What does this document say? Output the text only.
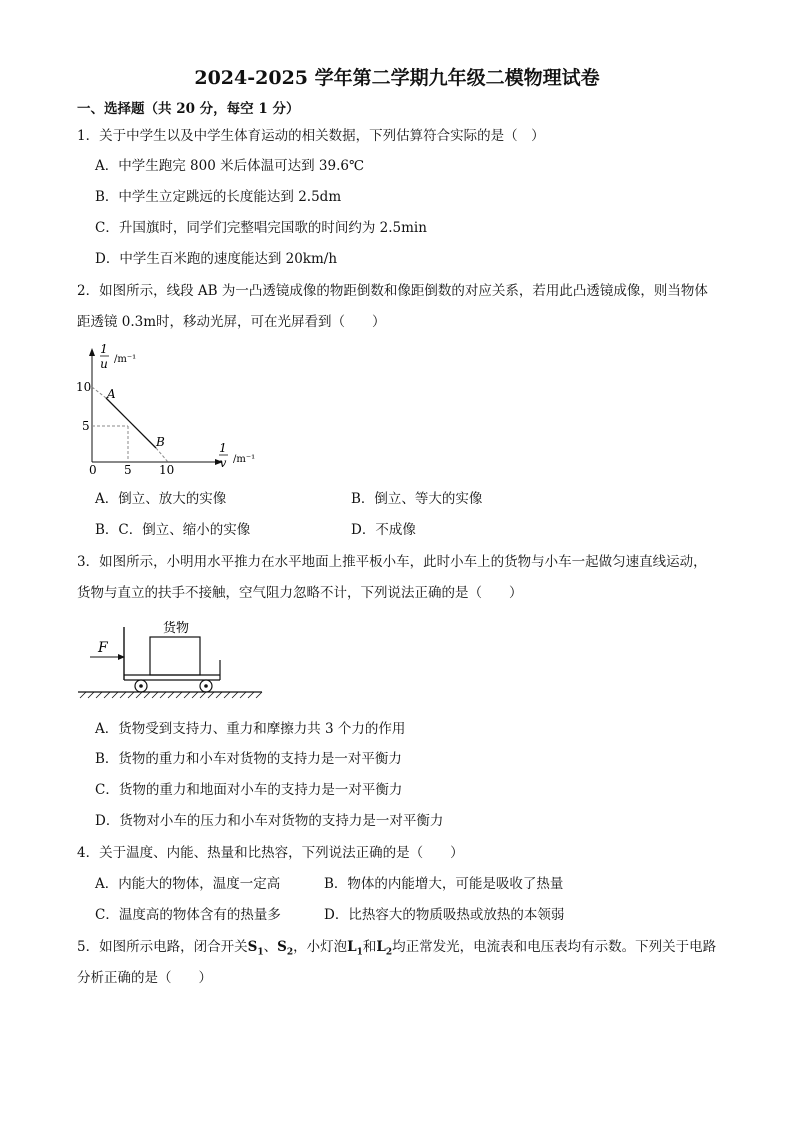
2024-2025 学年第二学期九年级二模物理试卷
一、选择题（共 20 分，每空 1 分）
1．关于中学生以及中学生体育运动的相关数据，下列估算符合实际的是（　）
A．中学生跑完 800 米后体温可达到 39.6℃
B．中学生立定跳远的长度能达到 2.5dm
C．升国旗时，同学们完整唱完国歌的时间约为 2.5min
D．中学生百米跑的速度能达到 20km/h
2．如图所示，线段 AB 为一凸透镜成像的物距倒数和像距倒数的对应关系，若用此凸透镜成像，则当物体
距透镜 0.3m时，移动光屏，可在光屏看到（　　）
1
u /m⁻¹
1
v /m⁻¹
10
5
0 5 10
A
B
A．倒立、放大的实像	B．倒立、等大的实像
B．C．倒立、缩小的实像	D．不成像
3．如图所示，小明用水平推力在水平地面上推平板小车，此时小车上的货物与小车一起做匀速直线运动，
货物与直立的扶手不接触，空气阻力忽略不计，下列说法正确的是（　　）
F
货物
A．货物受到支持力、重力和摩擦力共 3 个力的作用
B．货物的重力和小车对货物的支持力是一对平衡力
C．货物的重力和地面对小车的支持力是一对平衡力
D．货物对小车的压力和小车对货物的支持力是一对平衡力
4．关于温度、内能、热量和比热容，下列说法正确的是（　　）
A．内能大的物体，温度一定高	B．物体的内能增大，可能是吸收了热量
C．温度高的物体含有的热量多	D．比热容大的物质吸热或放热的本领弱
5．如图所示电路，闭合开关$S_1$、$S_2$，小灯泡$L_1$和$L_2$均正常发光，电流表和电压表均有示数。下列关于电路
分析正确的是（　　）
